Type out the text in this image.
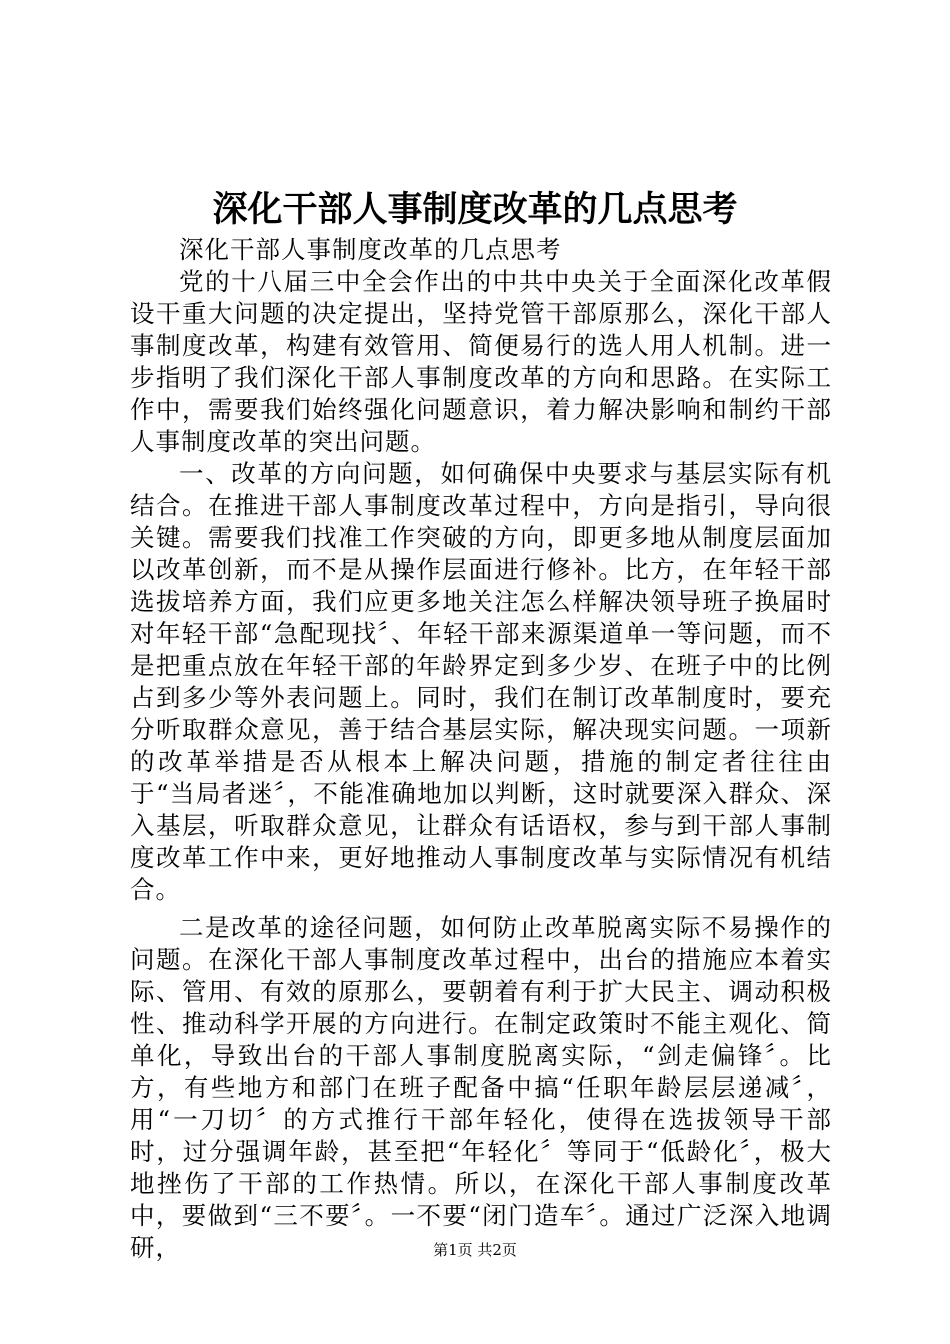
深化干部人事制度改革的几点思考

深化干部人事制度改革的几点思考

党的十八届三中全会作出的中共中央关于全面深化改革假设干重大问题的决定提出，坚持党管干部原那么，深化干部人事制度改革，构建有效管用、简便易行的选人用人机制。进一步指明了我们深化干部人事制度改革的方向和思路。在实际工作中，需要我们始终强化问题意识，着力解决影响和制约干部人事制度改革的突出问题。

一、改革的方向问题，如何确保中央要求与基层实际有机结合。在推进干部人事制度改革过程中，方向是指引，导向很关键。需要我们找准工作突破的方向，即更多地从制度层面加以改革创新，而不是从操作层面进行修补。比方，在年轻干部选拔培养方面，我们应更多地关注怎么样解决领导班子换届时对年轻干部“急配现找〞、年轻干部来源渠道单一等问题，而不是把重点放在年轻干部的年龄界定到多少岁、在班子中的比例占到多少等外表问题上。同时，我们在制订改革制度时，要充分听取群众意见，善于结合基层实际，解决现实问题。一项新的改革举措是否从根本上解决问题，措施的制定者往往由于“当局者迷〞，不能准确地加以判断，这时就要深入群众、深入基层，听取群众意见，让群众有话语权，参与到干部人事制度改革工作中来，更好地推动人事制度改革与实际情况有机结合。

二是改革的途径问题，如何防止改革脱离实际不易操作的问题。在深化干部人事制度改革过程中，出台的措施应本着实际、管用、有效的原那么，要朝着有利于扩大民主、调动积极性、推动科学开展的方向进行。在制定政策时不能主观化、简单化，导致出台的干部人事制度脱离实际，“剑走偏锋〞。比方，有些地方和部门在班子配备中搞“任职年龄层层递减〞，用“一刀切〞的方式推行干部年轻化，使得在选拔领导干部时，过分强调年龄，甚至把“年轻化〞等同于“低龄化〞，极大地挫伤了干部的工作热情。所以，在深化干部人事制度改革中，要做到“三不要〞。一不要“闭门造车〞。通过广泛深入地调研，	第1页 共2页
